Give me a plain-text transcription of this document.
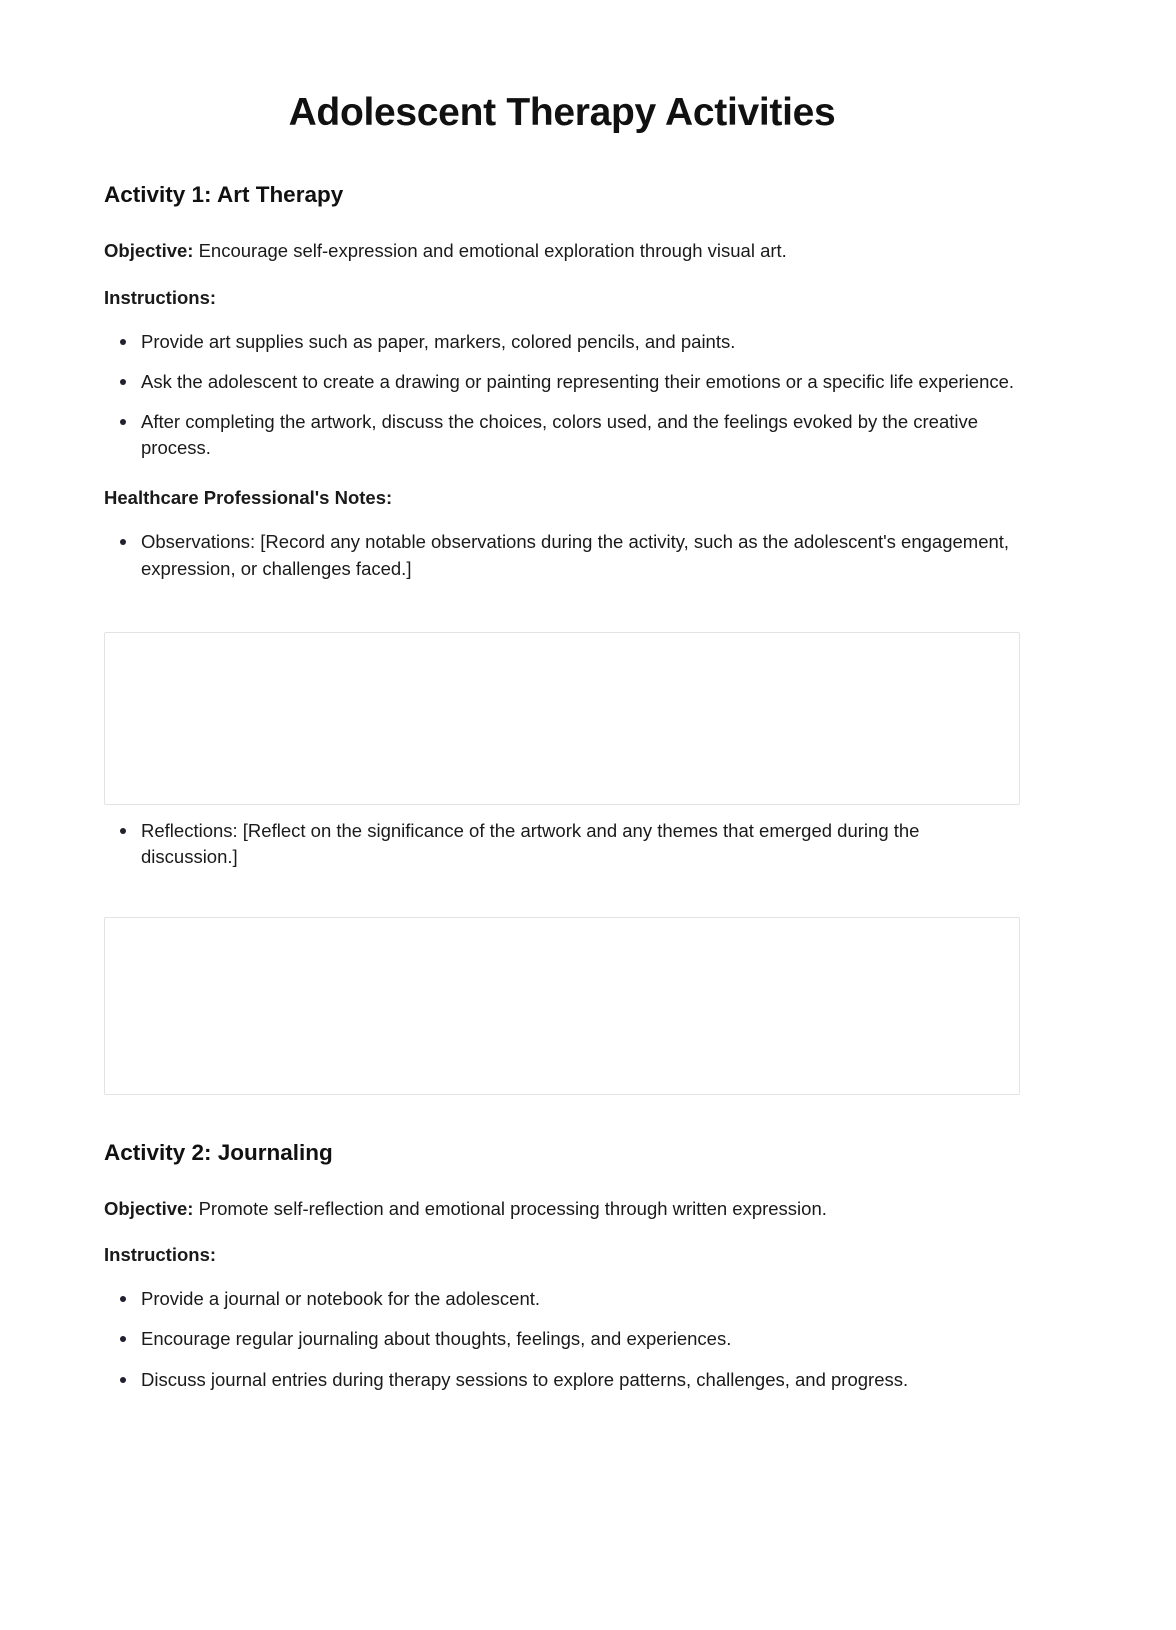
Adolescent Therapy Activities
Activity 1: Art Therapy

Objective: Encourage self-expression and emotional exploration through visual art.

Instructions:

Provide art supplies such as paper, markers, colored pencils, and paints.
Ask the adolescent to create a drawing or painting representing their emotions or a specific life experience.
After completing the artwork, discuss the choices, colors used, and the feelings evoked by the creative process.

Healthcare Professional's Notes:

Observations: [Record any notable observations during the activity, such as the adolescent's engagement, expression, or challenges faced.]
Reflections: [Reflect on the significance of the artwork and any themes that emerged during the discussion.]
Activity 2: Journaling

Objective: Promote self-reflection and emotional processing through written expression.

Instructions:

Provide a journal or notebook for the adolescent.
Encourage regular journaling about thoughts, feelings, and experiences.
Discuss journal entries during therapy sessions to explore patterns, challenges, and progress.
